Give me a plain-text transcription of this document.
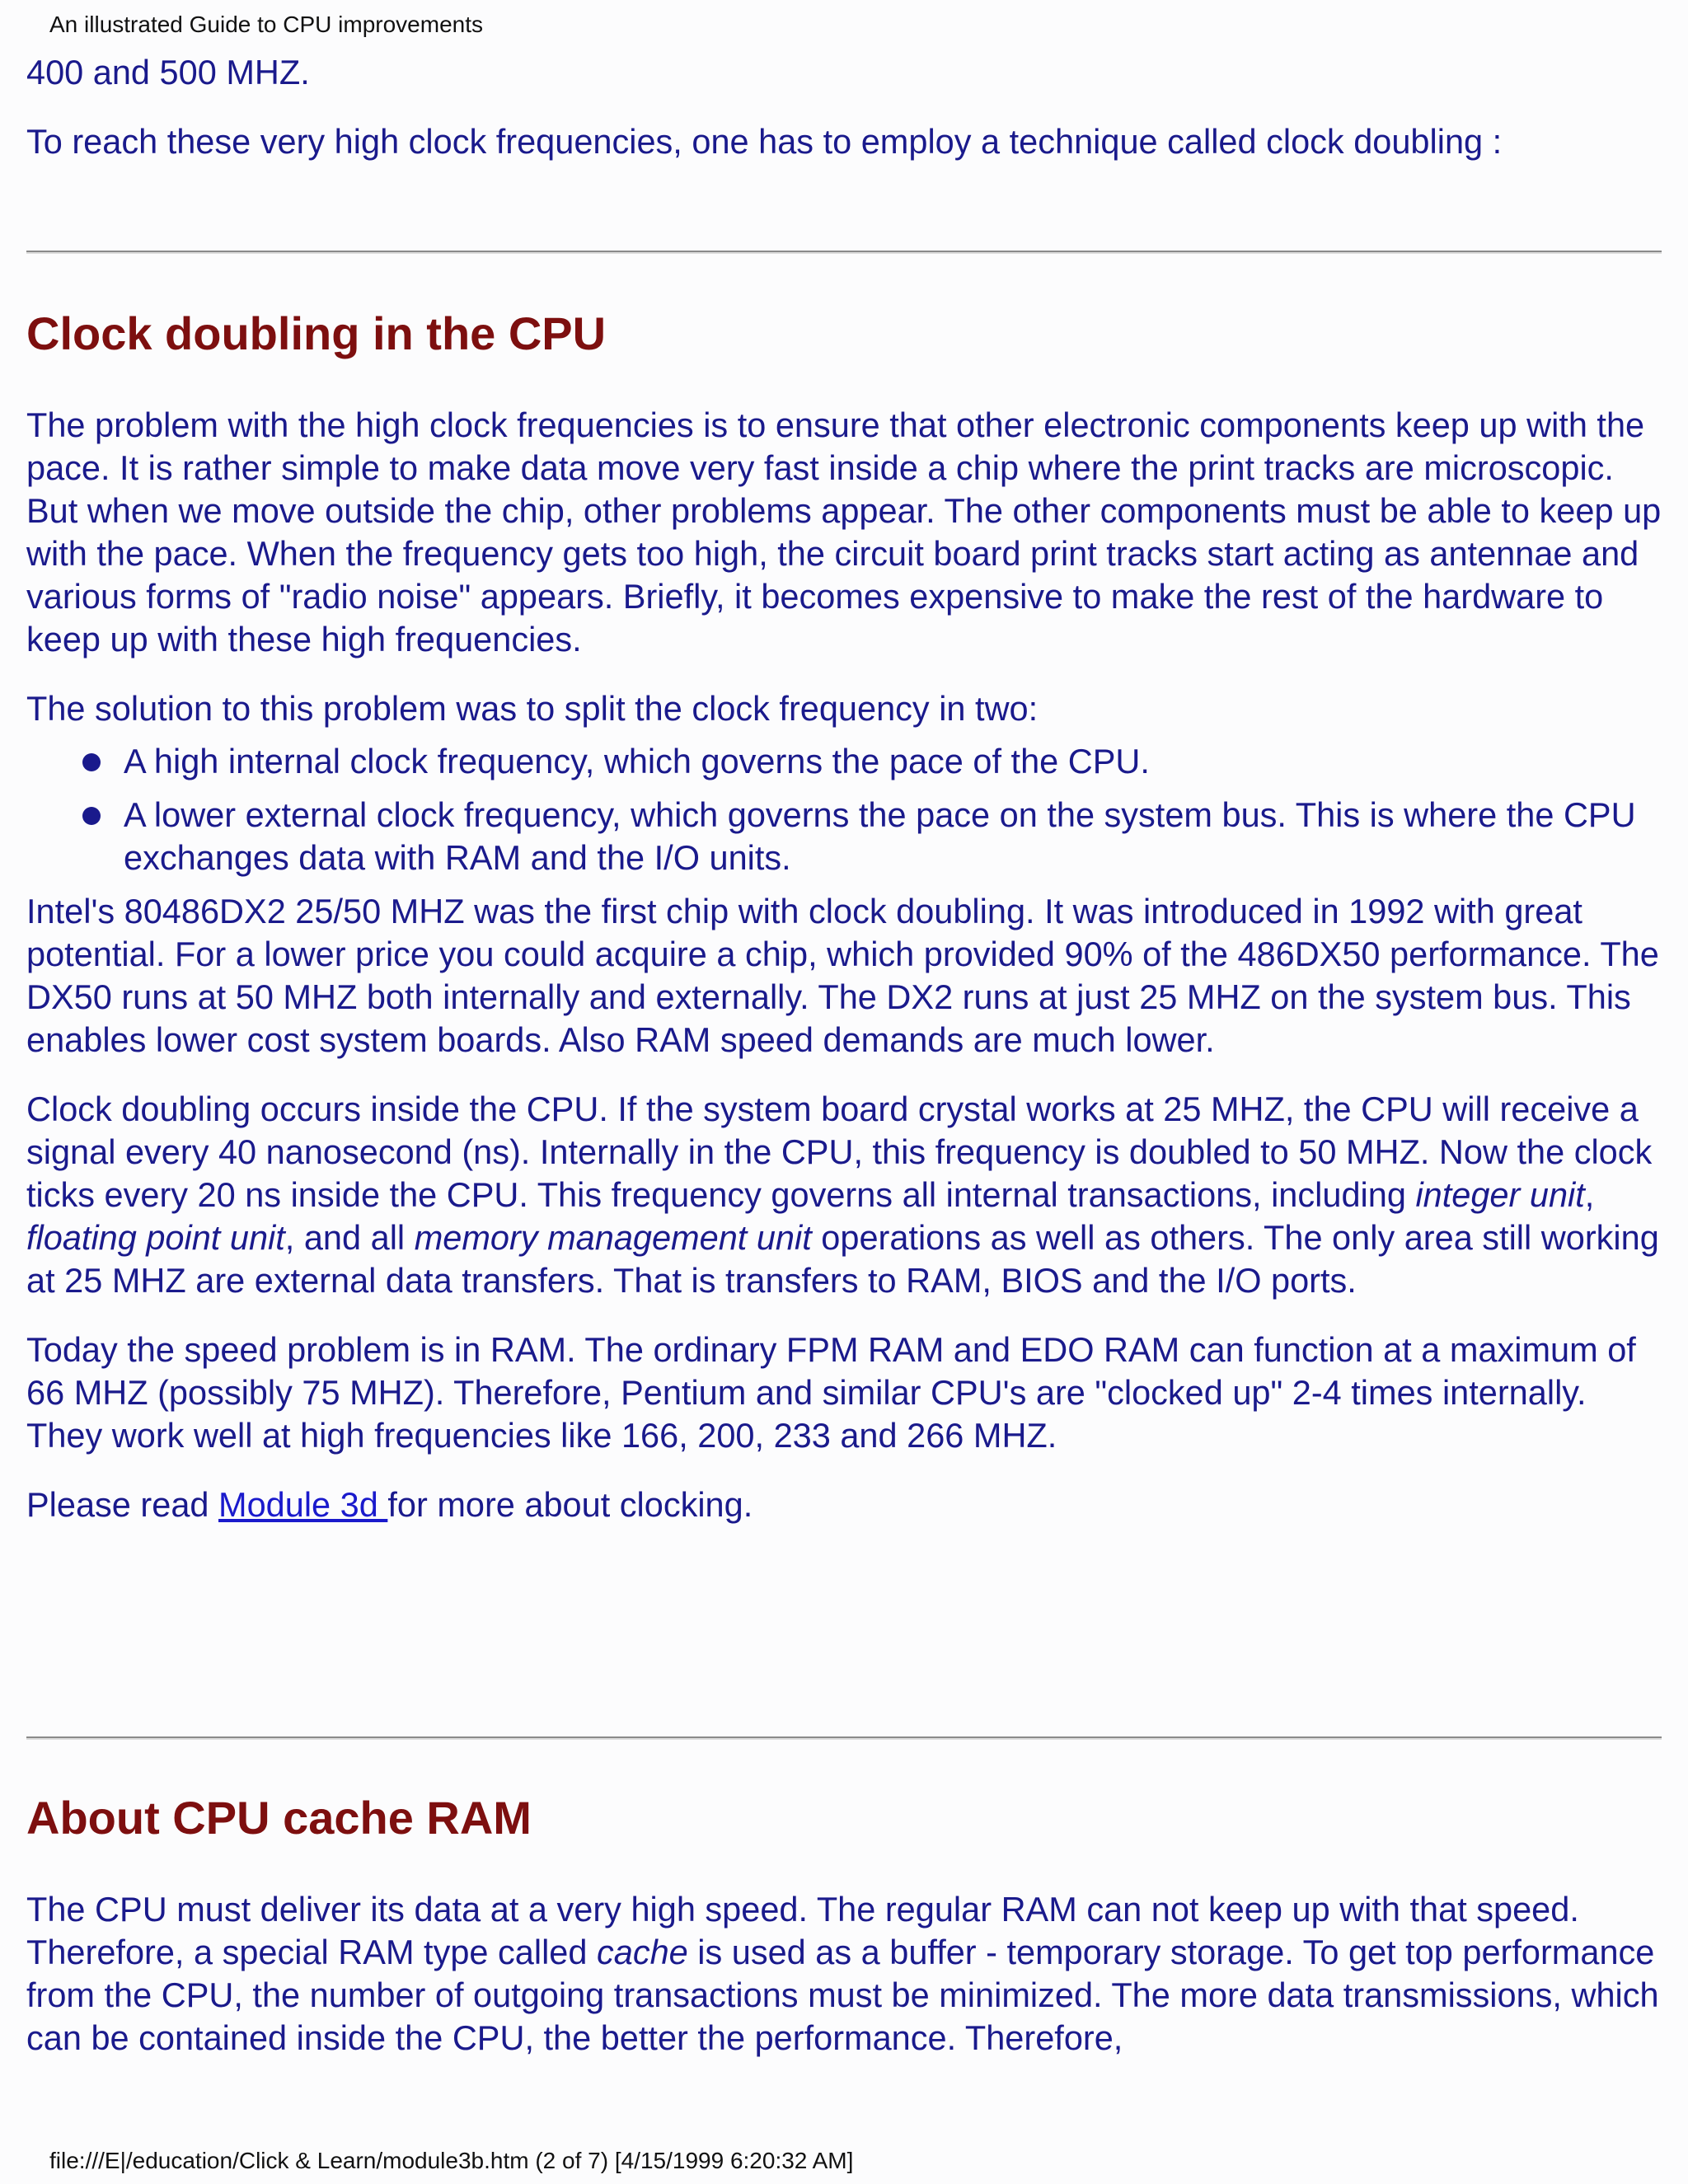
An illustrated Guide to CPU improvements

400 and 500 MHZ.

To reach these very high clock frequencies, one has to employ a technique called clock doubling :

Clock doubling in the CPU

The problem with the high clock frequencies is to ensure that other electronic components keep up with the pace. It is rather simple to make data move very fast inside a chip where the print tracks are microscopic. But when we move outside the chip, other problems appear. The other components must be able to keep up with the pace. When the frequency gets too high, the circuit board print tracks start acting as antennae and various forms of "radio noise" appears. Briefly, it becomes expensive to make the rest of the hardware to keep up with these high frequencies.

The solution to this problem was to split the clock frequency in two:

A high internal clock frequency, which governs the pace of the CPU.
A lower external clock frequency, which governs the pace on the system bus. This is where the CPU exchanges data with RAM and the I/O units.

Intel's 80486DX2 25/50 MHZ was the first chip with clock doubling. It was introduced in 1992 with great potential. For a lower price you could acquire a chip, which provided 90% of the 486DX50 performance. The DX50 runs at 50 MHZ both internally and externally. The DX2 runs at just 25 MHZ on the system bus. This enables lower cost system boards. Also RAM speed demands are much lower.

Clock doubling occurs inside the CPU. If the system board crystal works at 25 MHZ, the CPU will receive a signal every 40 nanosecond (ns). Internally in the CPU, this frequency is doubled to 50 MHZ. Now the clock ticks every 20 ns inside the CPU. This frequency governs all internal transactions, including integer unit, floating point unit, and all memory management unit operations as well as others. The only area still working at 25 MHZ are external data transfers. That is transfers to RAM, BIOS and the I/O ports.

Today the speed problem is in RAM. The ordinary FPM RAM and EDO RAM can function at a maximum of 66 MHZ (possibly 75 MHZ). Therefore, Pentium and similar CPU's are "clocked up" 2-4 times internally. They work well at high frequencies like 166, 200, 233 and 266 MHZ.

Please read Module 3d for more about clocking.

About CPU cache RAM

The CPU must deliver its data at a very high speed. The regular RAM can not keep up with that speed. Therefore, a special RAM type called cache is used as a buffer - temporary storage. To get top performance from the CPU, the number of outgoing transactions must be minimized. The more data transmissions, which can be contained inside the CPU, the better the performance. Therefore,

file:///E|/education/Click & Learn/module3b.htm (2 of 7) [4/15/1999 6:20:32 AM]
